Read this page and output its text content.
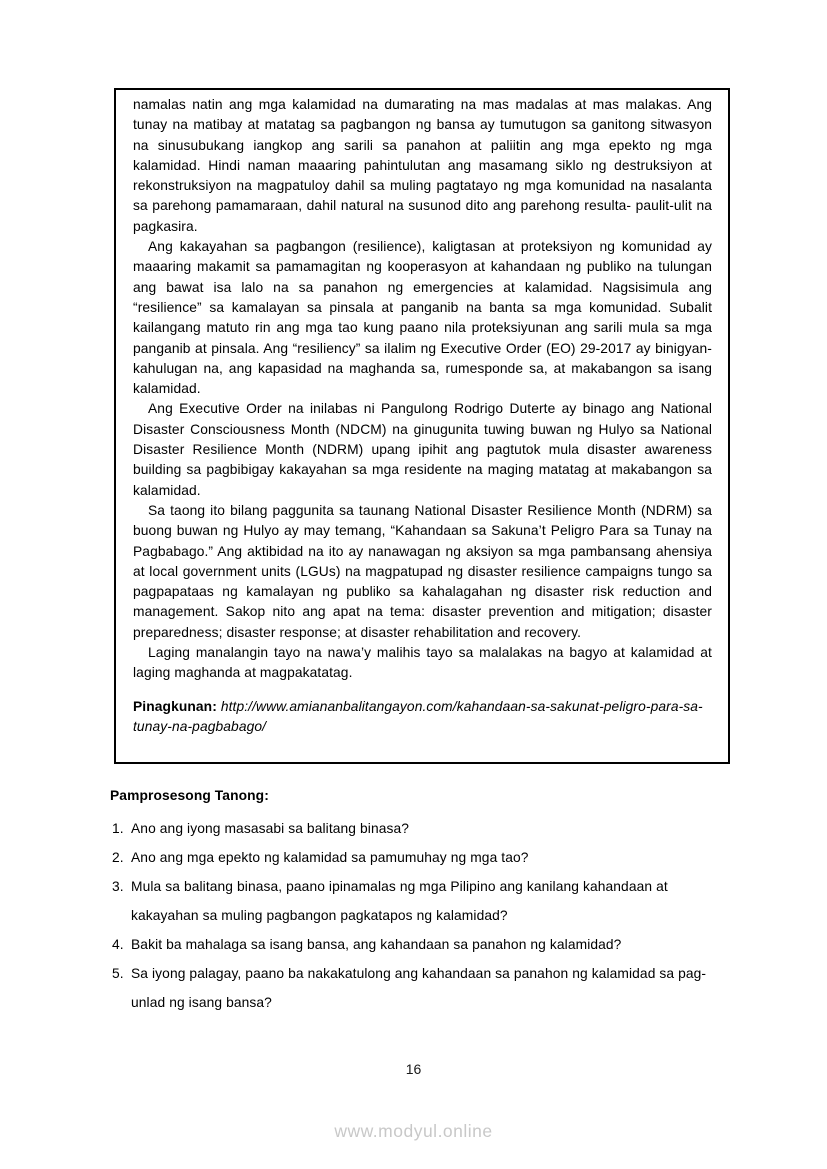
namalas natin ang mga kalamidad na dumarating na mas madalas at mas malakas. Ang tunay na matibay at matatag sa pagbangon ng bansa ay tumutugon sa ganitong sitwasyon na sinusubukang iangkop ang sarili sa panahon at paliitin ang mga epekto ng mga kalamidad. Hindi naman maaaring pahintulutan ang masamang siklo ng destruksiyon at rekonstruksiyon na magpatuloy dahil sa muling pagtatayo ng mga komunidad na nasalanta sa parehong pamamaraan, dahil natural na susunod dito ang parehong resulta- paulit-ulit na pagkasira.

Ang kakayahan sa pagbangon (resilience), kaligtasan at proteksiyon ng komunidad ay maaaring makamit sa pamamagitan ng kooperasyon at kahandaan ng publiko na tulungan ang bawat isa lalo na sa panahon ng emergencies at kalamidad. Nagsisimula ang “resilience” sa kamalayan sa pinsala at panganib na banta sa mga komunidad. Subalit kailangang matuto rin ang mga tao kung paano nila proteksiyunan ang sarili mula sa mga panganib at pinsala. Ang “resiliency” sa ilalim ng Executive Order (EO) 29-2017 ay binigyan-kahulugan na, ang kapasidad na maghanda sa, rumesponde sa, at makabangon sa isang kalamidad.

Ang Executive Order na inilabas ni Pangulong Rodrigo Duterte ay binago ang National Disaster Consciousness Month (NDCM) na ginugunita tuwing buwan ng Hulyo sa National Disaster Resilience Month (NDRM) upang ipihit ang pagtutok mula disaster awareness building sa pagbibigay kakayahan sa mga residente na maging matatag at makabangon sa kalamidad.

Sa taong ito bilang paggunita sa taunang National Disaster Resilience Month (NDRM) sa buong buwan ng Hulyo ay may temang, “Kahandaan sa Sakuna’t Peligro Para sa Tunay na Pagbabago.” Ang aktibidad na ito ay nanawagan ng aksiyon sa mga pambansang ahensiya at local government units (LGUs) na magpatupad ng disaster resilience campaigns tungo sa pagpapataas ng kamalayan ng publiko sa kahalagahan ng disaster risk reduction and management. Sakop nito ang apat na tema: disaster prevention and mitigation; disaster preparedness; disaster response; at disaster rehabilitation and recovery.

Laging manalangin tayo na nawa’y malihis tayo sa malalakas na bagyo at kalamidad at laging maghanda at magpakatatag.

Pinagkunan: http://www.amiananbalitangayon.com/kahandaan-sa-sakunat-peligro-para-sa-tunay-na-pagbabago/

Pamprosesong Tanong:
1. Ano ang iyong masasabi sa balitang binasa?
2. Ano ang mga epekto ng kalamidad sa pamumuhay ng mga tao?
3. Mula sa balitang binasa, paano ipinamalas ng mga Pilipino ang kanilang kahandaan at kakayahan sa muling pagbangon pagkatapos ng kalamidad?
4. Bakit ba mahalaga sa isang bansa, ang kahandaan sa panahon ng kalamidad?
5. Sa iyong palagay, paano ba nakakatulong ang kahandaan sa panahon ng kalamidad sa pag-unlad ng isang bansa?
16
www.modyul.online
